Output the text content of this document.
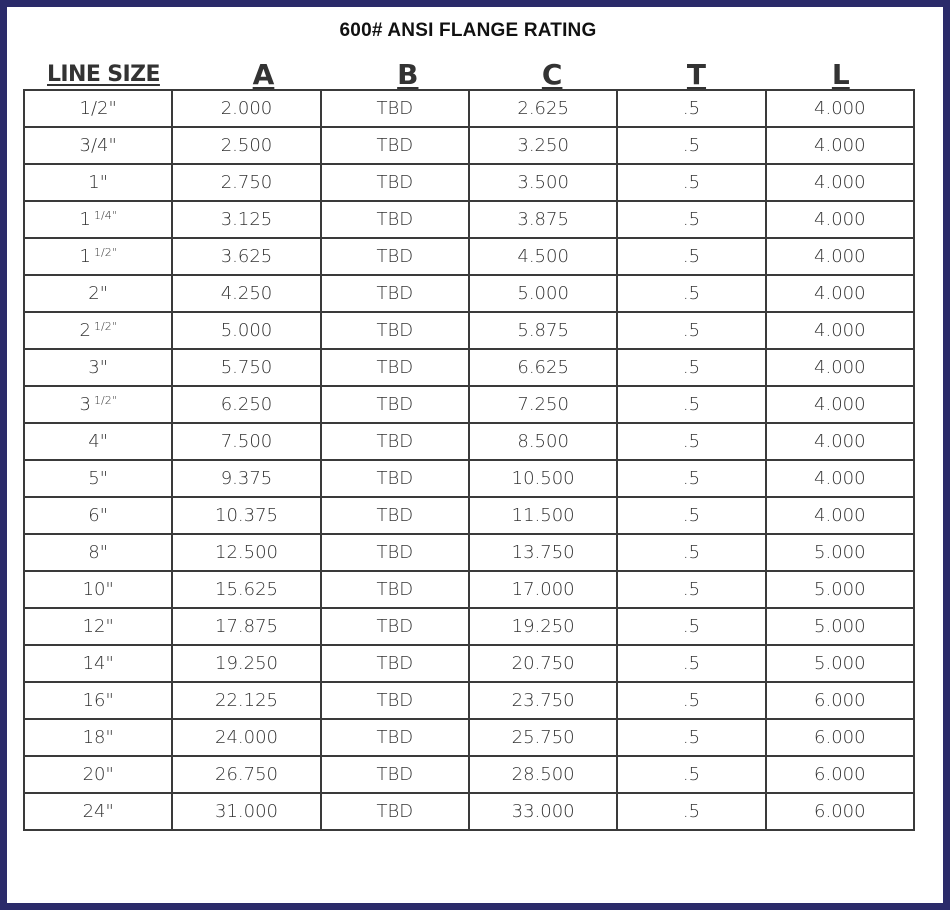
600# ANSI FLANGE RATING
LINE SIZE	A	B	C	T	L
1/2"	2.000	TBD	2.625	.5	4.000
3/4"	2.500	TBD	3.250	.5	4.000
1"	2.750	TBD	3.500	.5	4.000
1 $^{1/4"}$	3.125	TBD	3.875	.5	4.000
1 $^{1/2"}$	3.625	TBD	4.500	.5	4.000
2"	4.250	TBD	5.000	.5	4.000
2 $^{1/2"}$	5.000	TBD	5.875	.5	4.000
3"	5.750	TBD	6.625	.5	4.000
3 $^{1/2"}$	6.250	TBD	7.250	.5	4.000
4"	7.500	TBD	8.500	.5	4.000
5"	9.375	TBD	10.500	.5	4.000
6"	10.375	TBD	11.500	.5	4.000
8"	12.500	TBD	13.750	.5	5.000
10"	15.625	TBD	17.000	.5	5.000
12"	17.875	TBD	19.250	.5	5.000
14"	19.250	TBD	20.750	.5	5.000
16"	22.125	TBD	23.750	.5	6.000
18"	24.000	TBD	25.750	.5	6.000
20"	26.750	TBD	28.500	.5	6.000
24"	31.000	TBD	33.000	.5	6.000
